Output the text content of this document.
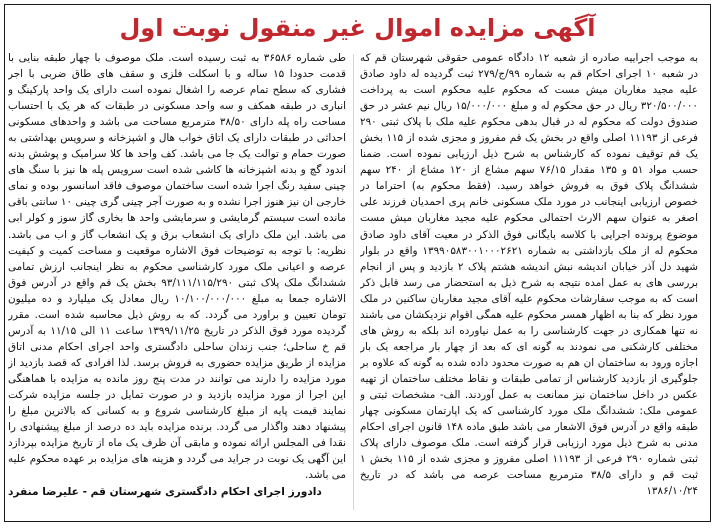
آگهی مزایده اموال غیر منقول نوبت اول

به موجب اجراییه صادره از شعبه ۱۲ دادگاه عمومی حقوقی شهرستان قم که در شعبه ۱۰ اجرای احکام قم به شماره ۹۹/ج/۲۷۹ ثبت گردیده له داود صادق علیه مجید مغاربان میش مست که محکوم علیه محکوم است به پرداخت ۳۲۰/۵۰۰/۰۰۰ ریال در حق محکوم له و مبلغ ۱۵/۰۰۰/۰۰۰ ریال نیم عشر در حق صندوق دولت که محکوم له در قبال بدهی محکوم علیه ملک با پلاک ثبتی ۲۹۰ فرعی از ۱۱۱۹۳ اصلی واقع در بخش یک قم مفروز و مجزی شده از ۱۱۵ بخش یک قم توقیف نموده که کارشناس به شرح ذیل ارزیابی نموده است. ضمنا حسب مواد ۵۱ و ۱۳۵ مقدار ۷۶/۱۵ سهم مشاع از ۱۲۰ مشاع از ۲۴۰ سهم ششدانگ پلاک فوق به فروش خواهد رسید. (فقط محکوم به) احتراما در خصوص ارزیابی اینجانب در مورد ملک مسکونی خانم پری احمدیان فرزند علی اصغر به عنوان سهم الارث احتمالی محکوم علیه مجید مغاربان میش مست موضوع پرونده اجرایی با کلاسه بایگانی فوق الذکر در معیت آقای داود صادق محکوم له از ملک بازداشتی به شماره ۱۳۹۹۰۵۸۳۰۰۱۰۰۰۲۶۲۱ واقع در بلوار شهید دل آذر خیابان اندیشه نبش اندیشه هشتم پلاک ۲ بازدید و پس از انجام بررسی های به عمل امده نتیجه به شرح ذیل به استحضار می رسد قابل ذکر است که به موجب سفارشات محکوم علیه آقای مجید مغاربان ساکنین در ملک مورد نظر که بنا به اظهار همسر محکوم علیه همگی اقوام نزدیکشان می باشند نه تنها همکاری در جهت کارشناسی را به عمل نیاورده اند بلکه به روش های مختلفی کارشکنی می نمودند به گونه ای که بعد از چهار بار مراجعه یک بار اجازه ورود به ساختمان ان هم به صورت محدود داده شده به گونه که علاوه بر جلوگیری از بازدید کارشناس از تمامی طبقات و نقاط مختلف ساختمان از تهیه عکس در داخل ساختمان نیز ممانعت به عمل آوردند. الف- مشخصات ثبتی و عمومی ملک: ششدانگ ملک مورد کارشناسی که یک اپارتمان مسکونی چهار طبقه واقع در آدرس فوق الاشعار می باشد طبق ماده ۱۴۸ قانون اجرای احکام مدنی به شرح ذیل مورد ارزیابی قرار گرفته است. ملک موصوف دارای پلاک ثبتی شماره ۲۹۰ فرعی از ۱۱۱۹۳ اصلی مفروز و مجزی شده از ۱۱۵ بخش ۱ ثبت قم و دارای ۳۸/۵ مترمربع مساحت عرصه می باشد که در تاریخ ۱۳۸۶/۱۰/۲۴

طی شماره ۳۶۵۸۶ به ثبت رسیده است. ملک موصوف با چهار طبقه بنایی با قدمت حدودا ۱۵ ساله و با اسکلت فلزی و سقف های طاق ضربی با اجر فشاری که سطح تمام عرصه را اشغال نموده است دارای یک واحد پارکینگ و انباری در طبقه همکف و سه واحد مسکونی در طبقات که هر یک با احتساب مساحت راه پله دارای ۳۸/۵۰ مترمربع مساحت می باشد و واحدهای مسکونی احداثی در طبقات دارای یک اتاق خواب هال و اشپزخانه و سرویس بهداشتی به صورت حمام و توالت یک جا می باشد. کف واحد ها کلا سرامیک و پوشش بدنه اندود گچ و بدنه اشپزخانه ها کاشی شده است سرویس پله ها نیز با سنگ های چینی سفید رنگ اجرا شده است ساختمان موصوف فاقد اسانسور بوده و نمای خارجی ان نیز هنوز اجرا نشده و به صورت آجر چینی گری چینی ۱۰ سانتی باقی مانده است سیستم گرمایشی و سرمایشی واحد ها بخاری گاز سوز و کولر ابی می باشد. این ملک دارای یک انشعاب برق و یک انشعاب گاز و اب می باشد. نظریه: با توجه به توضیحات فوق الاشاره موقعیت و مساحت کمیت و کیفیت عرصه و اعیانی ملک مورد کارشناسی محکوم به نظر اینجانب ارزش تمامی ششدانگ ملک پلاک ثبتی ۹۳/۱۱۱/۱۱۵/۲۹۰ بخش یک قم واقع در آدرس فوق الاشاره جمعا به مبلغ ۱۰/۱۰۰/۰۰۰/۰۰۰ ریال معادل یک میلیارد و ده میلیون تومان تعیین و براورد می گردد. که به روش ذیل محاسبه شده است. مقرر گردیده مورد فوق الذکر در تاریخ ۱۳۹۹/۱۱/۲۵ ساعت ۱۱ الی ۱۱/۱۵ به آدرس قم خ ساحلی؛ جنب زندان ساحلی دادگستری واحد اجرای احکام مدنی اتاق مزایده از طریق مزایده حضوری به فروش برسد. لذا افرادی که قصد بازدید از مورد مزایده را دارند می توانند در مدت پنج روز مانده به مزایده با هماهنگی این اجرا از مورد مزایده بازدید و در صورت تمایل در جلسه مزایده شرکت نمایند قیمت پایه از مبلغ کارشناسی شروع و به کسانی که بالاترین مبلغ را پیشنهاد دهند واگذار می گردد. برنده مزایده باید ده درصد از مبلغ پیشنهادی را نقدا فی المجلس ارائه نموده و مابقی آن ظرف یک ماه از تاریخ مزایده بپردازد این آگهی یک نوبت در جراید می گردد و هزینه های مزایده بر عهده محکوم علیه می باشد.

دادورز اجرای احکام دادگستری شهرستان قم - علیرضا منفرد
